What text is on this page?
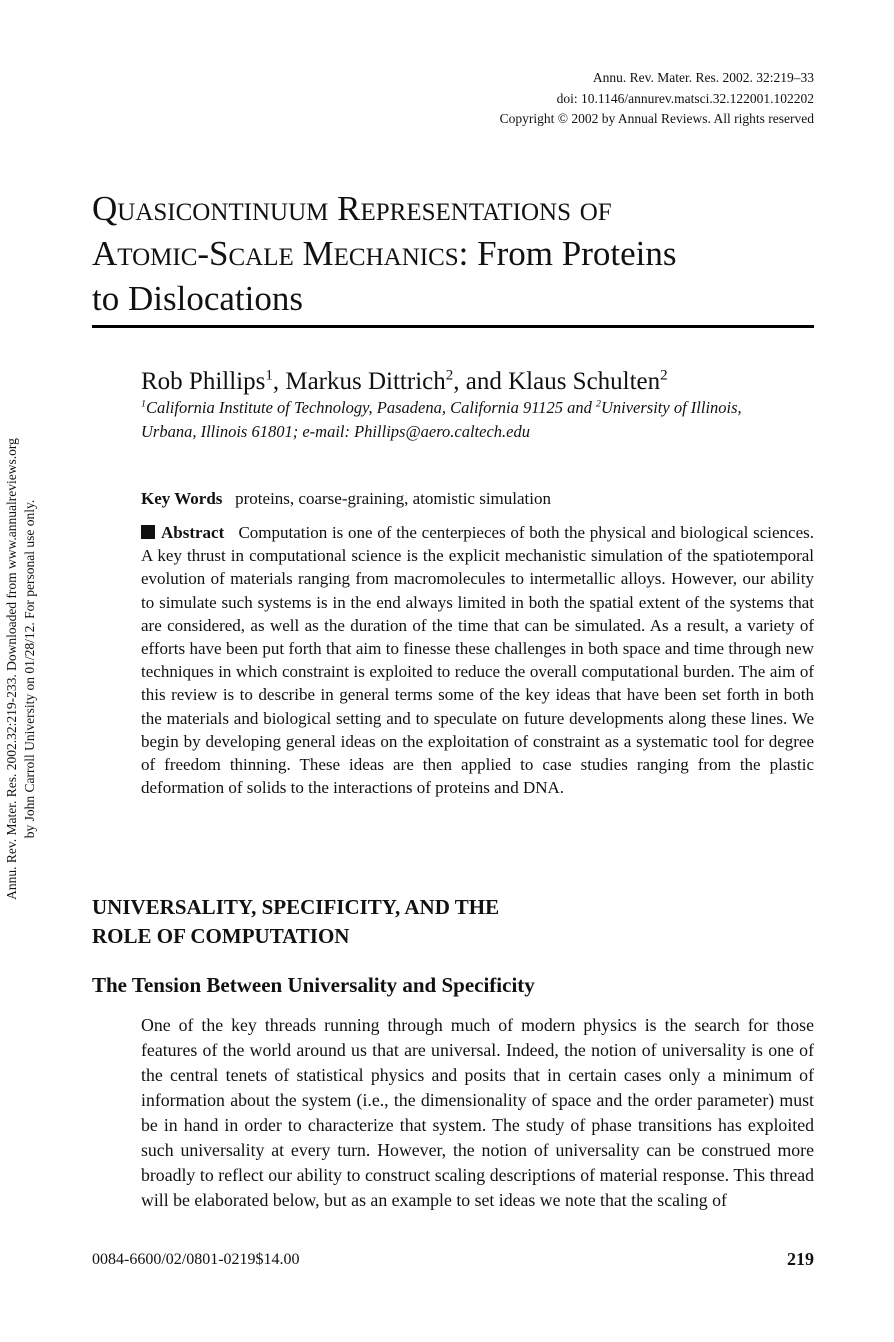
Annu. Rev. Mater. Res. 2002.32:219-233. Downloaded from www.annualreviews.org by John Carroll University on 01/28/12. For personal use only.
Annu. Rev. Mater. Res. 2002. 32:219–33
doi: 10.1146/annurev.matsci.32.122001.102202
Copyright © 2002 by Annual Reviews. All rights reserved
Quasicontinuum Representations of
Atomic-Scale Mechanics: From Proteins
to Dislocations
Rob Phillips$^1$, Markus Dittrich$^2$, and Klaus Schulten$^2$
$^1$California Institute of Technology, Pasadena, California 91125 and $^2$University of Illinois, Urbana, Illinois 61801; e-mail: Phillips@aero.caltech.edu
Key Words proteins, coarse-graining, atomistic simulation
Abstract Computation is one of the centerpieces of both the physical and biological sciences. A key thrust in computational science is the explicit mechanistic simulation of the spatiotemporal evolution of materials ranging from macromolecules to intermetallic alloys. However, our ability to simulate such systems is in the end always limited in both the spatial extent of the systems that are considered, as well as the duration of the time that can be simulated. As a result, a variety of efforts have been put forth that aim to finesse these challenges in both space and time through new techniques in which constraint is exploited to reduce the overall computational burden. The aim of this review is to describe in general terms some of the key ideas that have been set forth in both the materials and biological setting and to speculate on future developments along these lines. We begin by developing general ideas on the exploitation of constraint as a systematic tool for degree of freedom thinning. These ideas are then applied to case studies ranging from the plastic deformation of solids to the interactions of proteins and DNA.
UNIVERSALITY, SPECIFICITY, AND THE
ROLE OF COMPUTATION
The Tension Between Universality and Specificity
One of the key threads running through much of modern physics is the search for those features of the world around us that are universal. Indeed, the notion of universality is one of the central tenets of statistical physics and posits that in certain cases only a minimum of information about the system (i.e., the dimensionality of space and the order parameter) must be in hand in order to characterize that system. The study of phase transitions has exploited such universality at every turn. However, the notion of universality can be construed more broadly to reflect our ability to construct scaling descriptions of material response. This thread will be elaborated below, but as an example to set ideas we note that the scaling of
0084-6600/02/0801-0219$14.00	219
